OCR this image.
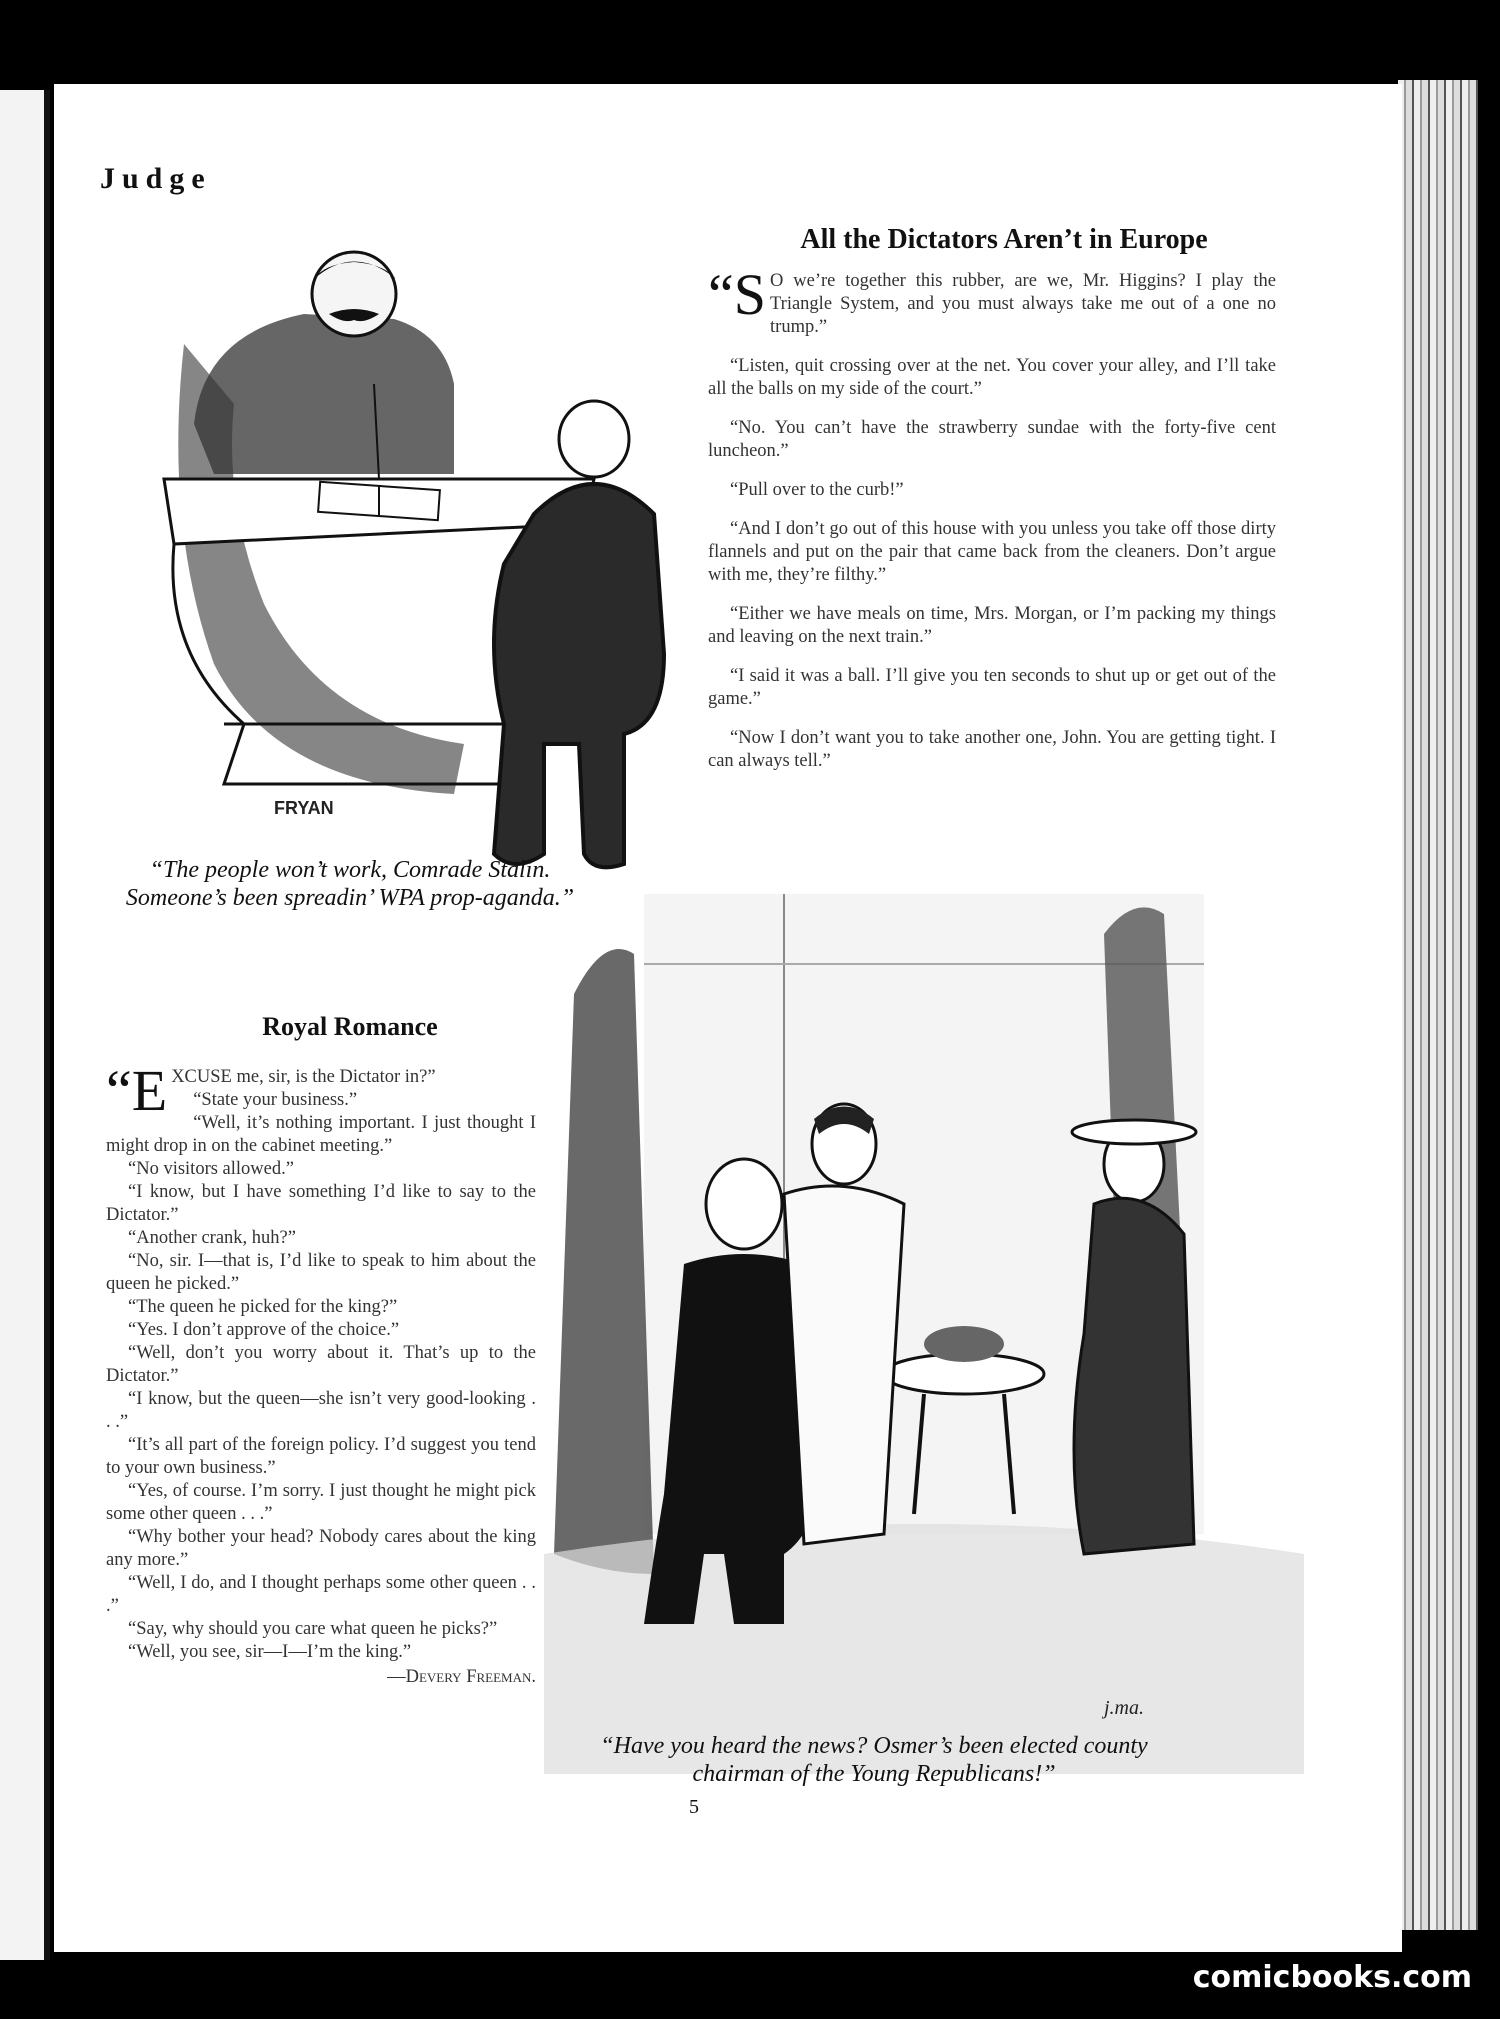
Judge
FRYAN
“The people won’t work, Comrade Stalin. Someone’s been spreadin’ WPA prop-aganda.”
All the Dictators Aren’t in Europe

“S O we’re together this rubber, are we, Mr. Higgins? I play the Triangle System, and you must always take me out of a one no trump.”

“Listen, quit crossing over at the net. You cover your alley, and I’ll take all the balls on my side of the court.”

“No. You can’t have the strawberry sundae with the forty-five cent luncheon.”

“Pull over to the curb!”

“And I don’t go out of this house with you unless you take off those dirty flannels and put on the pair that came back from the cleaners. Don’t argue with me, they’re filthy.”

“Either we have meals on time, Mrs. Morgan, or I’m packing my things and leaving on the next train.”

“I said it was a ball. I’ll give you ten seconds to shut up or get out of the game.”

“Now I don’t want you to take another one, John. You are getting tight. I can always tell.”

Royal Romance

“E XCUSE me, sir, is the Dictator in?”

“State your business.”

“Well, it’s nothing important. I just thought I might drop in on the cabinet meeting.”

“No visitors allowed.”

“I know, but I have something I’d like to say to the Dictator.”

“Another crank, huh?”

“No, sir. I—that is, I’d like to speak to him about the queen he picked.”

“The queen he picked for the king?”

“Yes. I don’t approve of the choice.”

“Well, don’t you worry about it. That’s up to the Dictator.”

“I know, but the queen—she isn’t very good-looking . . .”

“It’s all part of the foreign policy. I’d suggest you tend to your own business.”

“Yes, of course. I’m sorry. I just thought he might pick some other queen . . .”

“Why bother your head? Nobody cares about the king any more.”

“Well, I do, and I thought perhaps some other queen . . .”

“Say, why should you care what queen he picks?”

“Well, you see, sir—I—I’m the king.”

—Devery Freeman.
j.ma.
“Have you heard the news? Osmer’s been elected county chairman of the Young Republicans!”
5
comicbooks.com
